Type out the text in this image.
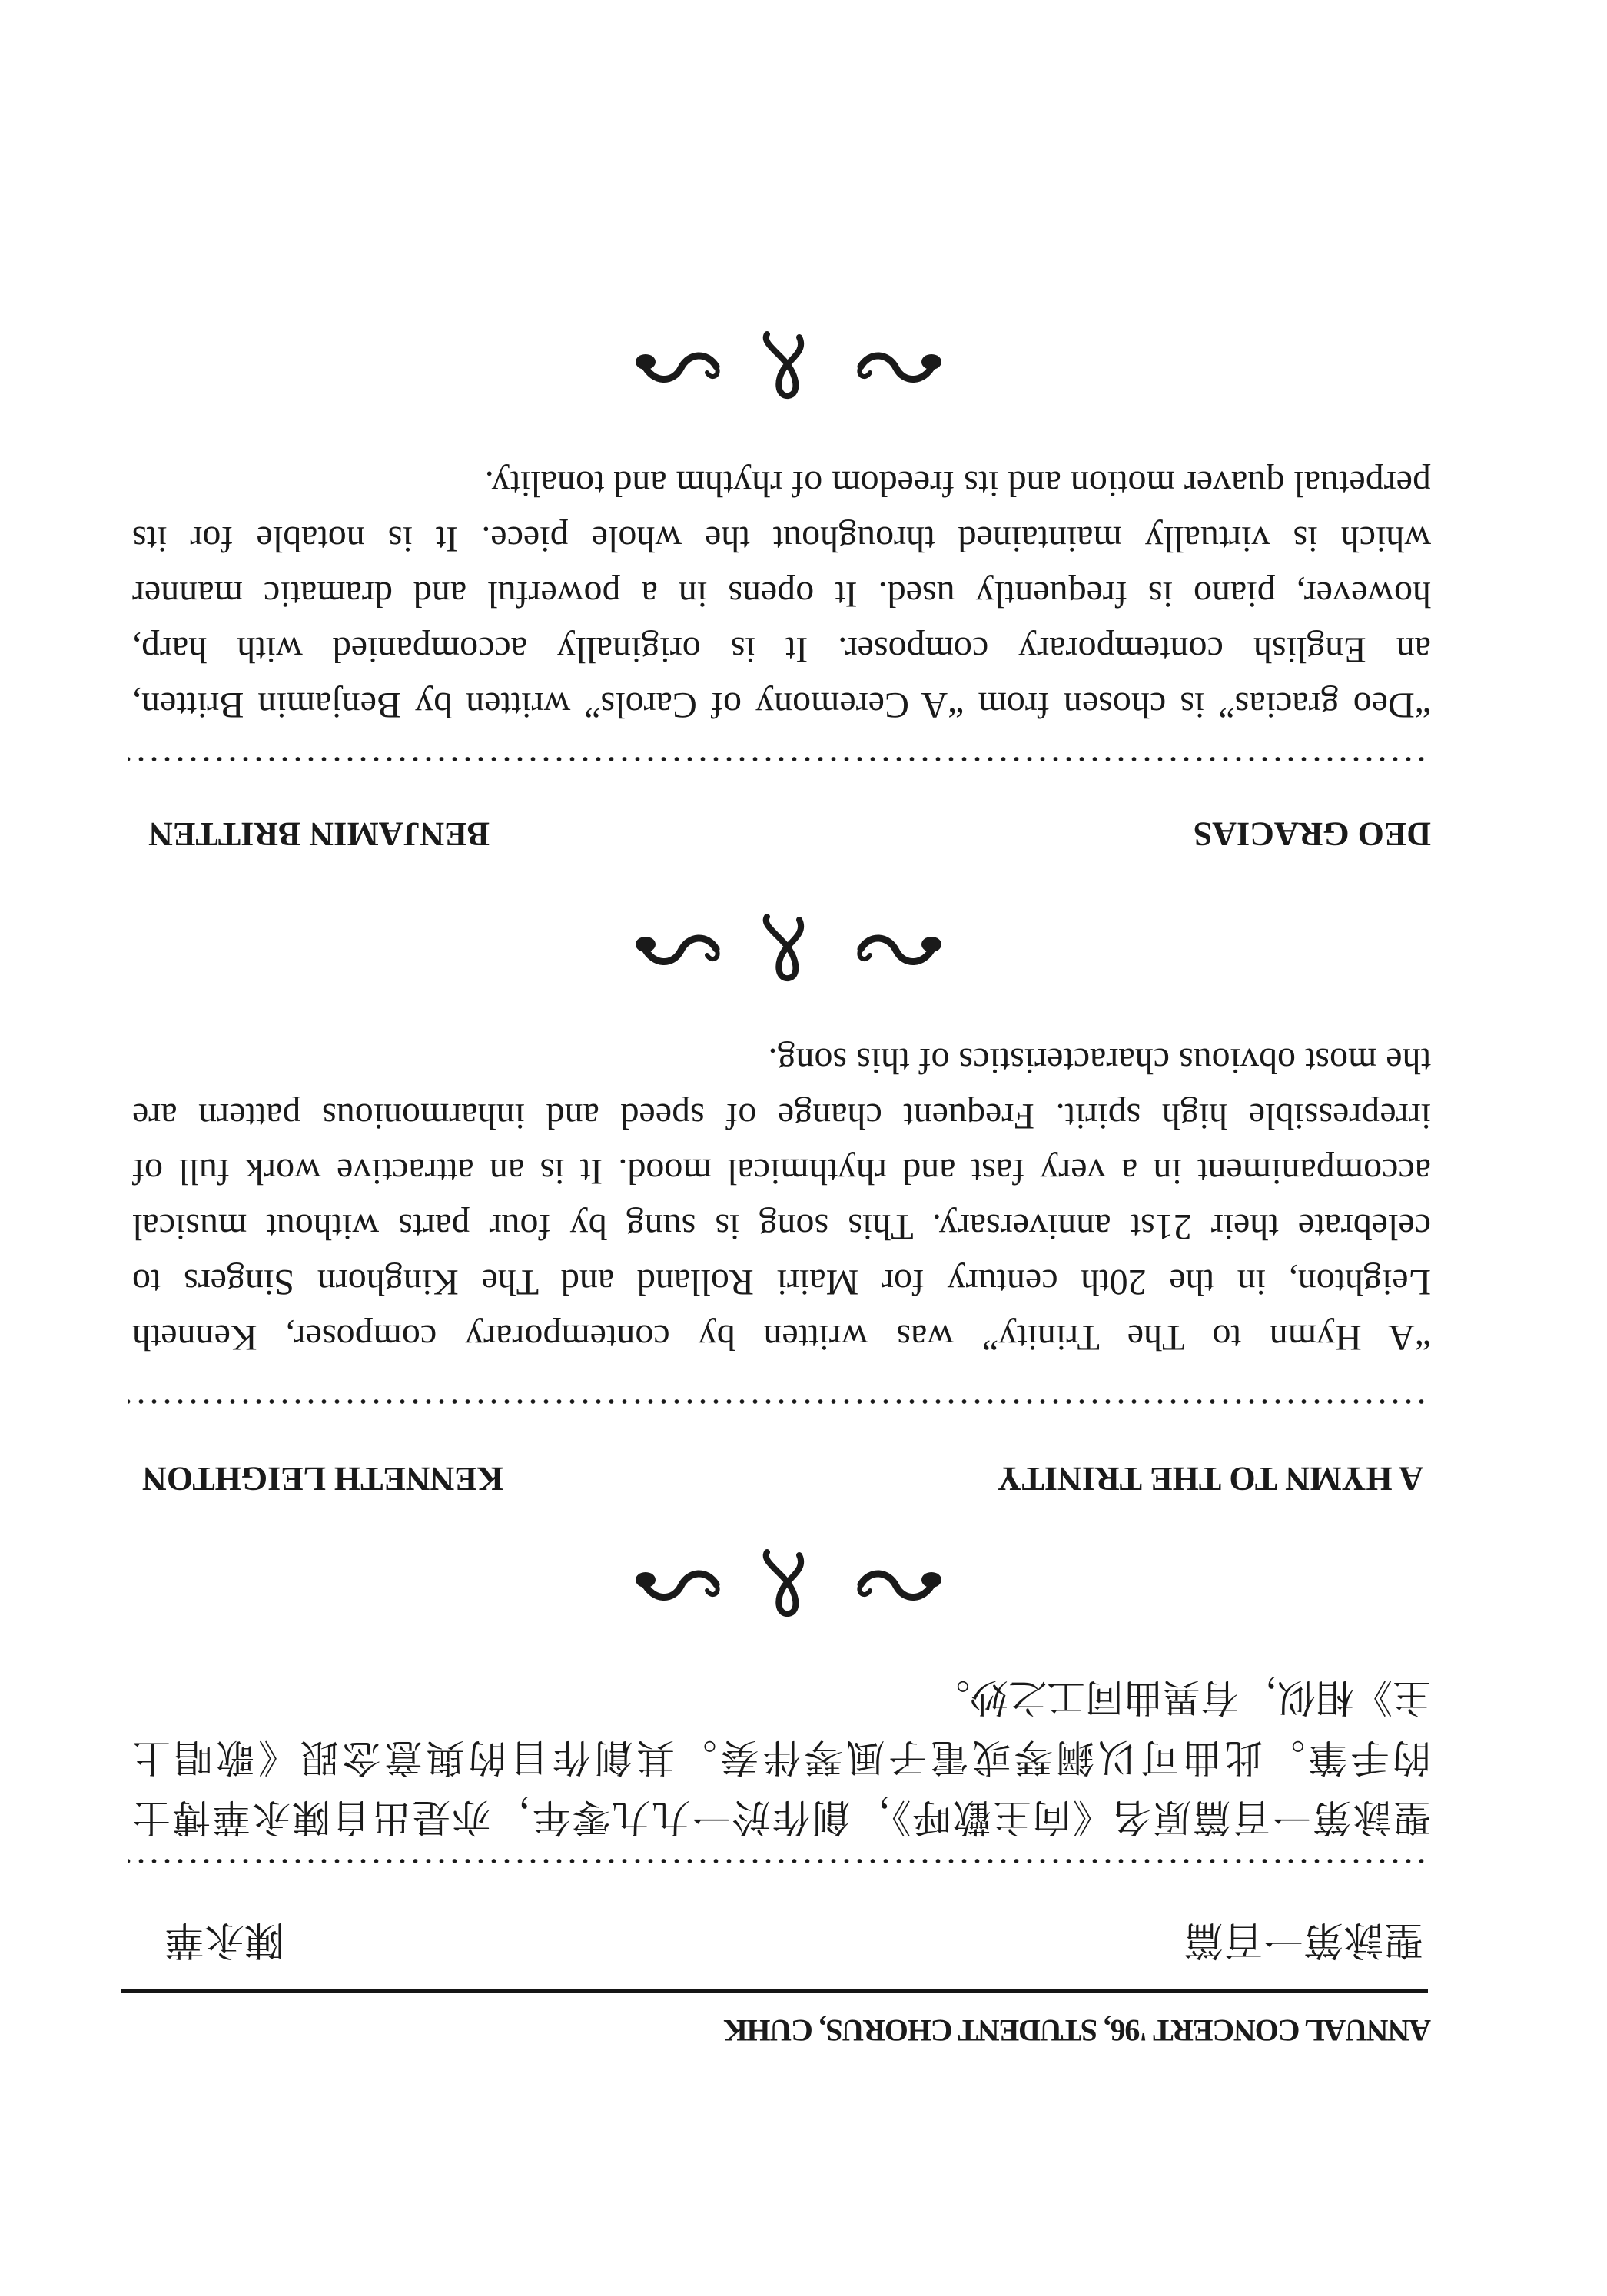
ANNUAL CONCERT '96, STUDENT CHORUS, CUHK
聖詠第一百篇
陳永華
聖詠第一百篇原名《向主歡呼》，創作於一九九零年，亦是出自陳永華博士
的手筆。此曲可以鋼琴或電子風琴伴奏。其創作目的與意念跟《歌唱上
主》相似，有異曲同工之妙。
A HYMN TO THE TRINITY
KENNETH LEIGHTON
“A Hymn to The Trinity” was written by contemporary composer, Kenneth
Leighton, in the 20th century for Mairi Rolland and The Kinghorn Singers to
celebrate their 21st anniversary. This song is sung by four parts without musical
accompaniment in a very fast and rhythmical mood. It is an attractive work full of
irrepressible high spirit. Frequent change of speed and inharmonious pattern are
the most obvious characteristics of this song.
DEO GRACIAS
BENJAMIN BRITTEN
“Deo gracias” is chosen from “A Ceremony of Carols” written by Benjamin Britten,
an English contemporary composer. It is originally accompanied with harp,
however, piano is frequently used. It opens in a powerful and dramatic manner
which is virtually maintained throughout the whole piece. It is notable for its
perpetual quaver motion and its freedom of rhythm and tonality.
